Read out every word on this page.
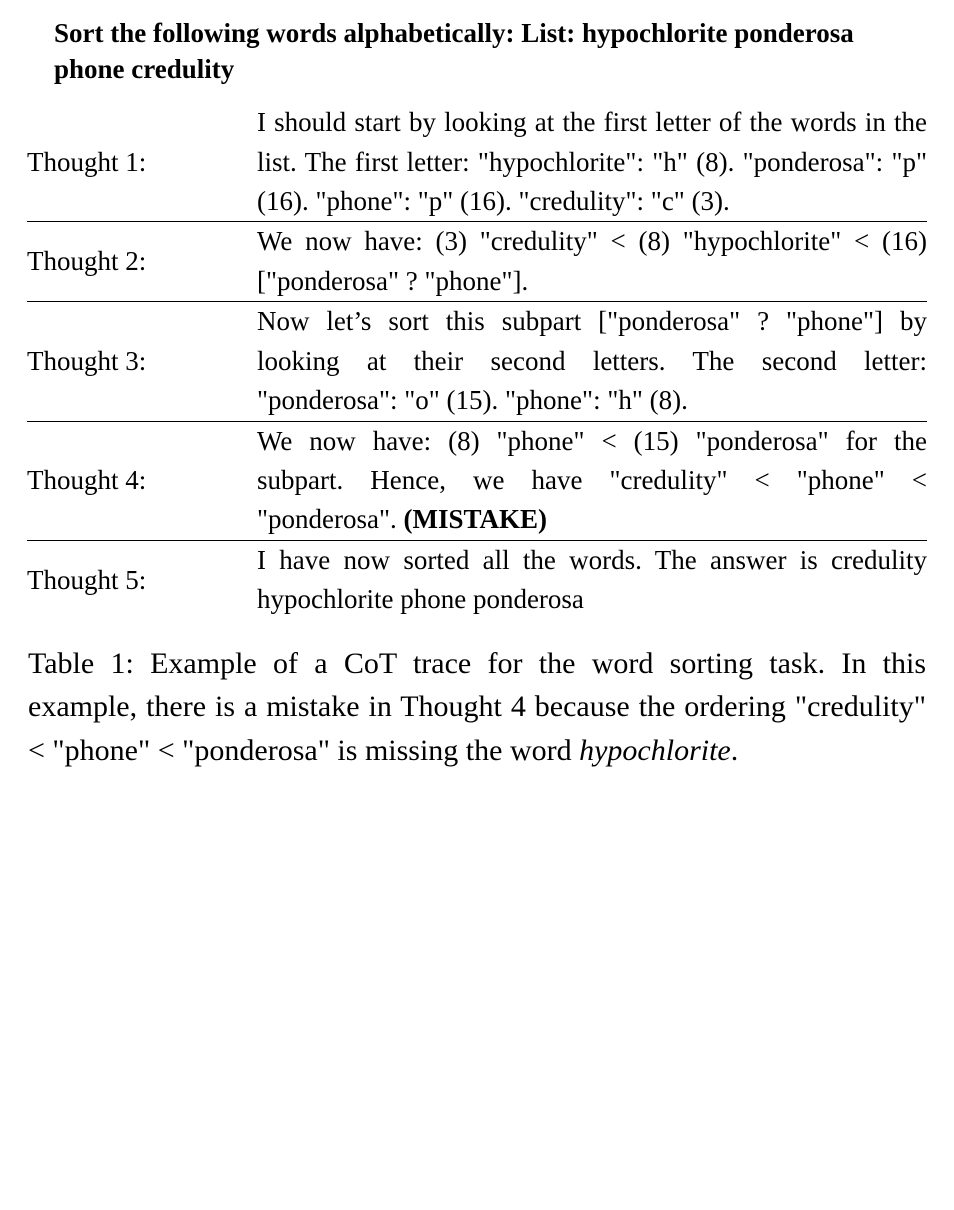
Sort the following words alphabetically: List: hypochlorite ponderosa phone credulity
Thought 1:	I should start by looking at the first letter of the words in the list. The first letter: "hypochlorite": "h" (8). "ponderosa": "p" (16). "phone": "p" (16). "credulity": "c" (3).

Thought 2:	We now have: (3) "credulity" < (8) "hypochlorite" < (16) ["ponderosa" ? "phone"].

Thought 3:	Now let’s sort this subpart ["ponderosa" ? "phone"] by looking at their second letters. The second letter: "ponderosa": "o" (15). "phone": "h" (8).

Thought 4:	We now have: (8) "phone" < (15) "ponderosa" for the subpart. Hence, we have "credulity" < "phone" < "ponderosa". (MISTAKE)

Thought 5:	I have now sorted all the words. The answer is credulity hypochlorite phone ponderosa
Table 1: Example of a CoT trace for the word sorting task. In this example, there is a mistake in Thought 4 because the ordering "credulity" < "phone" < "ponderosa" is missing the word hypochlorite.
